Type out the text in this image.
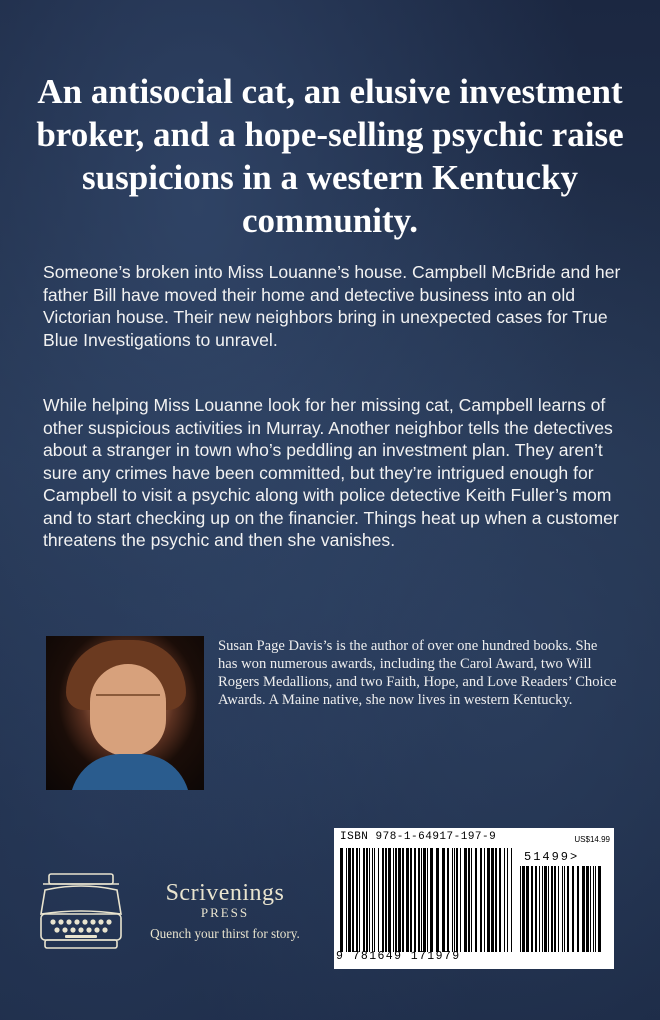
An antisocial cat, an elusive investment broker, and a hope-selling psychic raise suspicions in a western Kentucky community.

Someone’s broken into Miss Louanne’s house. Campbell McBride and her father Bill have moved their home and detective business into an old Victorian house. Their new neighbors bring in unexpected cases for True Blue Investigations to unravel.

While helping Miss Louanne look for her missing cat, Campbell learns of other suspicious activities in Murray. Another neighbor tells the detectives about a stranger in town who’s peddling an investment plan. They aren’t sure any crimes have been committed, but they’re intrigued enough for Campbell to visit a psychic along with police detective Keith Fuller’s mom and to start checking up on the financier. Things heat up when a customer threatens the psychic and then she vanishes.

Susan Page Davis’s is the author of over one hundred books. She has won numerous awards, including the Carol Award, two Will Rogers Medallions, and two Faith, Hope, and Love Readers’ Choice Awards. A Maine native, she now lives in western Kentucky.
ISBN 978-1-64917-197-9	US$14.99
51499>
9 781649 171979
Scrivenings
PRESS
Quench your thirst for story.
